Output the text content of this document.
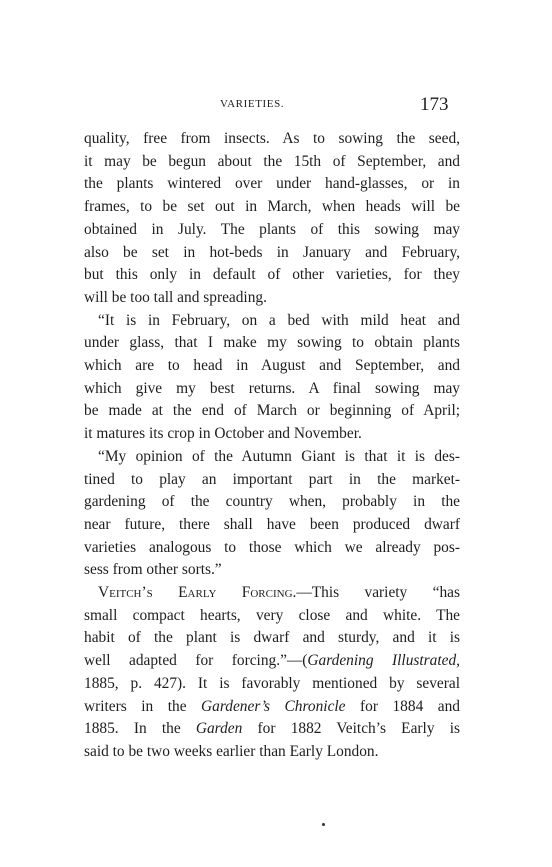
VARIETIES.	173
quality, free from insects. As to sowing the seed,
it may be begun about the 15th of September, and
the plants wintered over under hand-glasses, or in
frames, to be set out in March, when heads will be
obtained in July. The plants of this sowing may
also be set in hot-beds in January and February,
but this only in default of other varieties, for they
will be too tall and spreading.
“It is in February, on a bed with mild heat and
under glass, that I make my sowing to obtain plants
which are to head in August and September, and
which give my best returns. A final sowing may
be made at the end of March or beginning of April;
it matures its crop in October and November.
“My opinion of the Autumn Giant is that it is des-
tined to play an important part in the market-
gardening of the country when, probably in the
near future, there shall have been produced dwarf
varieties analogous to those which we already pos-
sess from other sorts.”
Veitch’s Early Forcing.—This variety “has
small compact hearts, very close and white. The
habit of the plant is dwarf and sturdy, and it is
well adapted for forcing.”—(Gardening Illustrated,
1885, p. 427). It is favorably mentioned by several
writers in the Gardener’s Chronicle for 1884 and
1885. In the Garden for 1882 Veitch’s Early is
said to be two weeks earlier than Early London.
